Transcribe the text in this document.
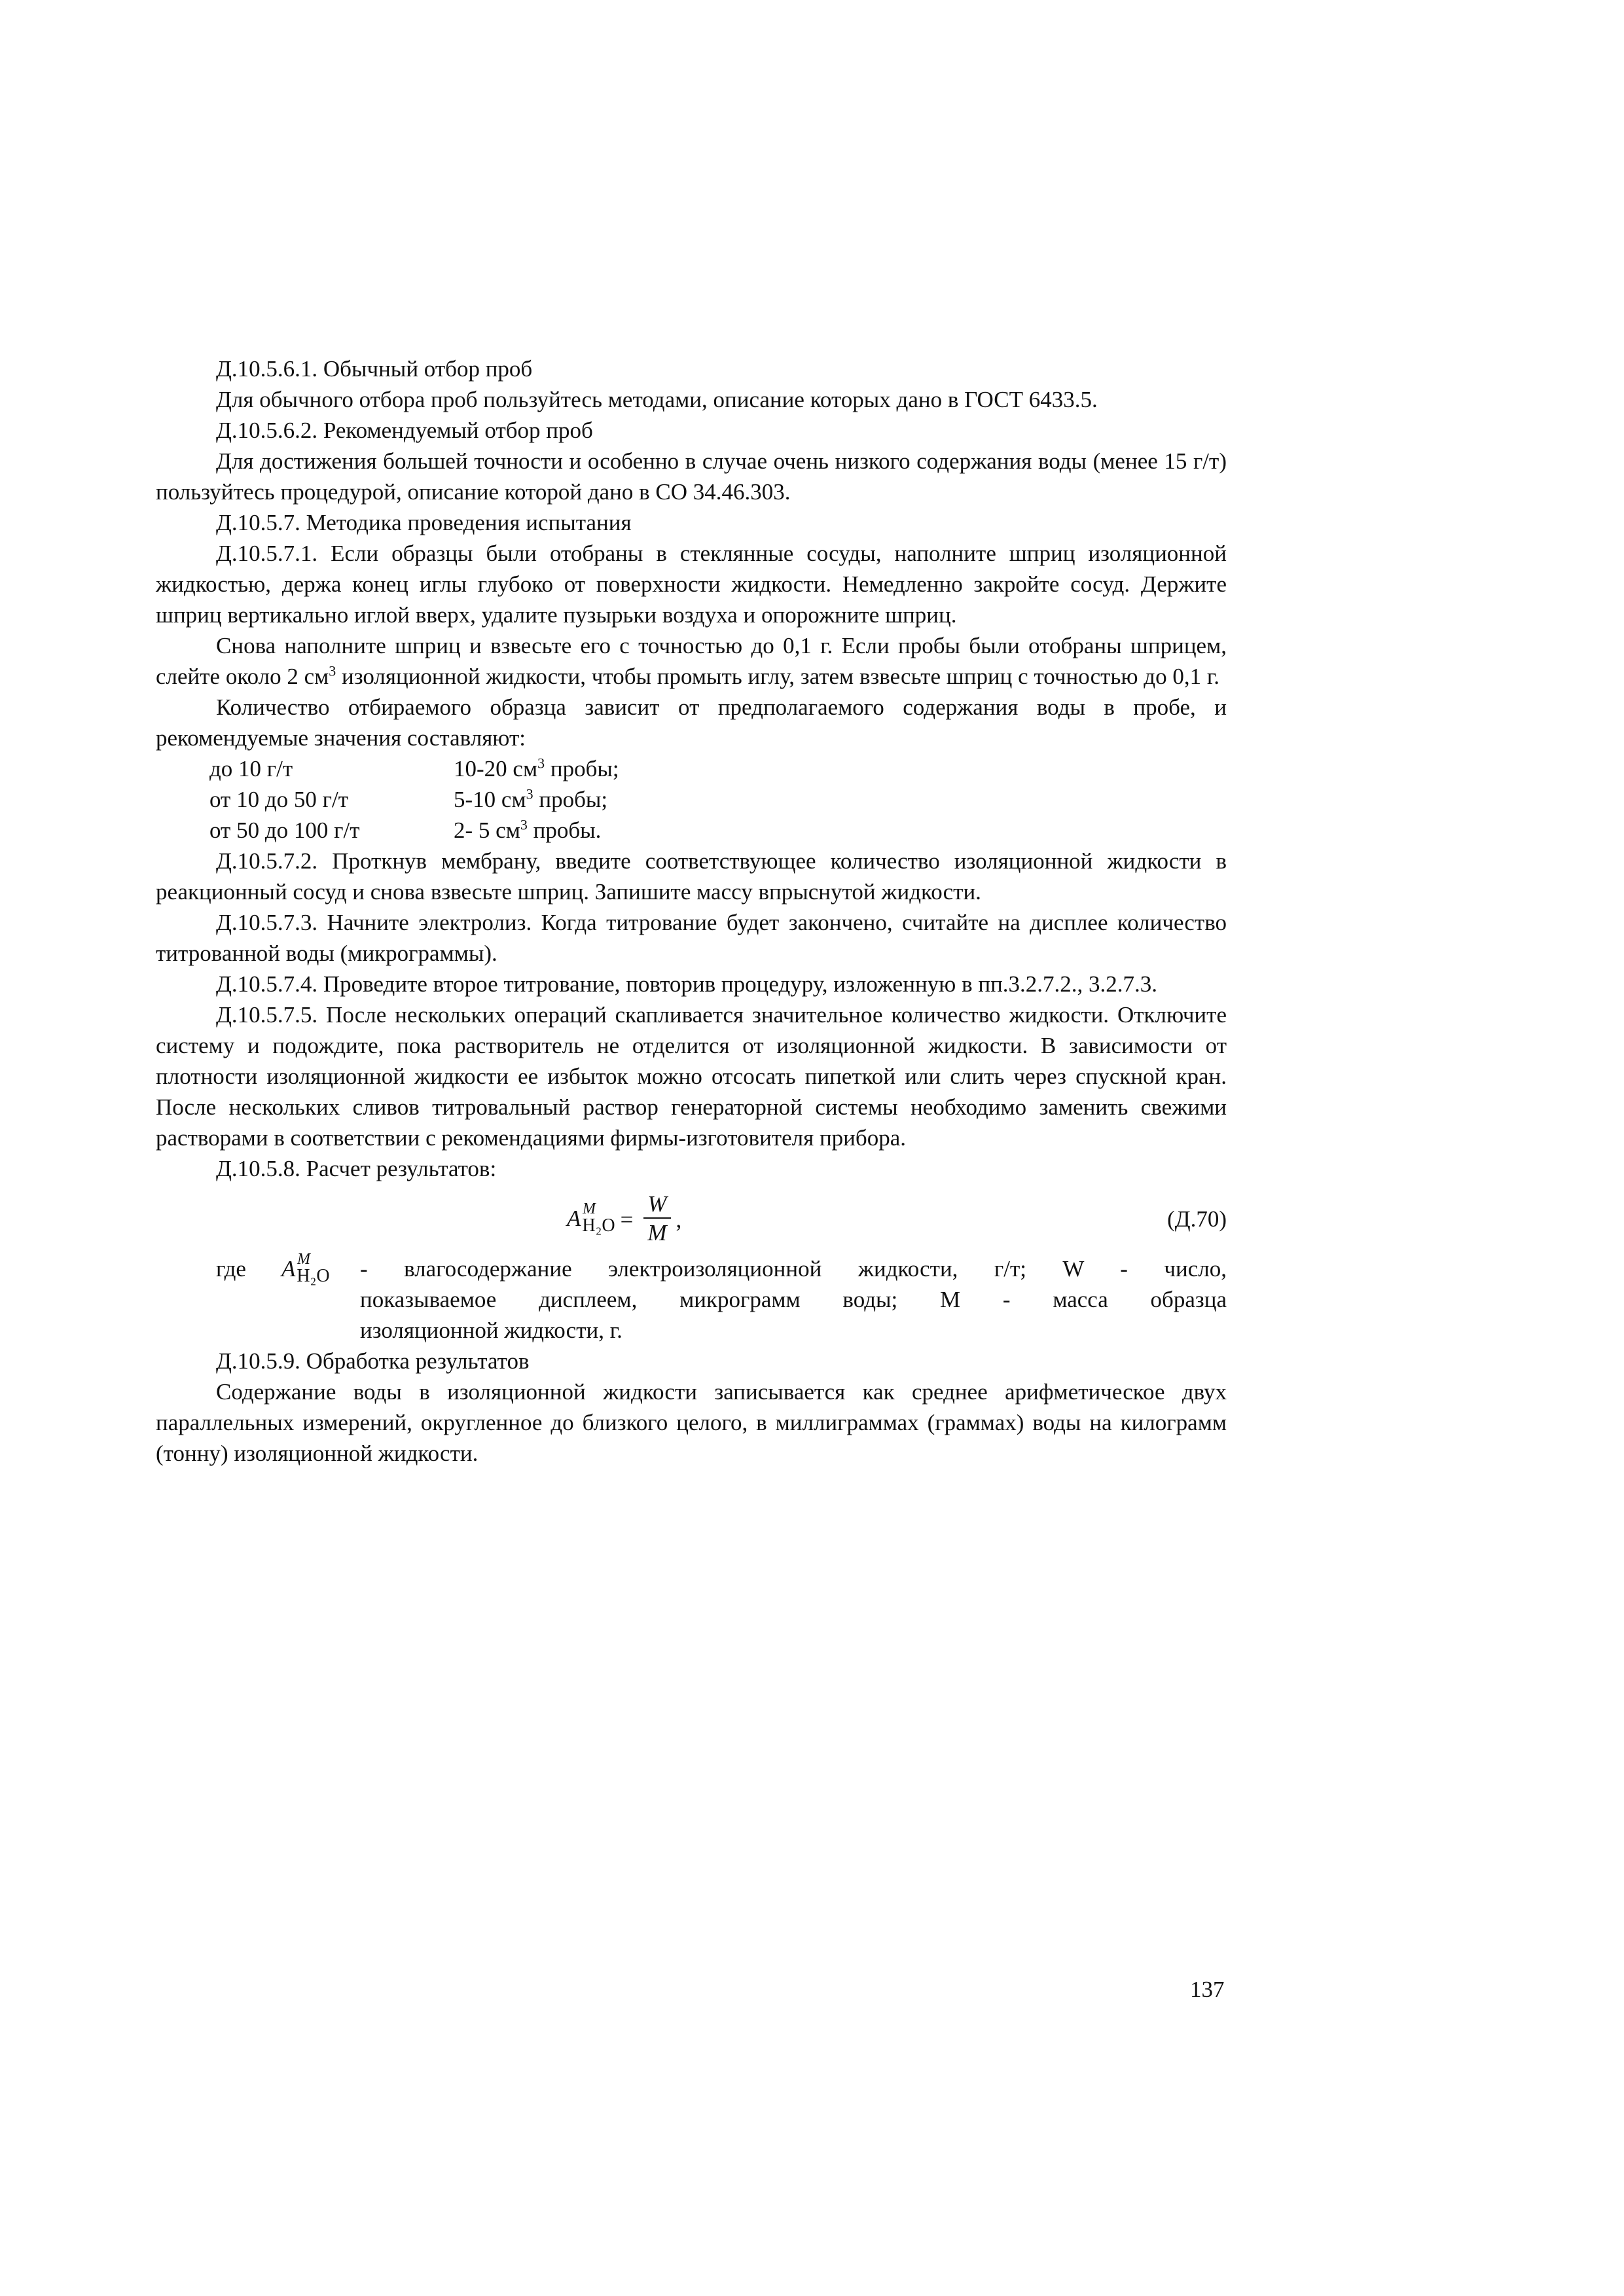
Д.10.5.6.1. Обычный отбор проб

Для обычного отбора проб пользуйтесь методами, описание которых дано в ГОСТ 6433.5.

Д.10.5.6.2. Рекомендуемый отбор проб

Для достижения большей точности и особенно в случае очень низкого содержания воды (менее 15 г/т) пользуйтесь процедурой, описание которой дано в СО 34.46.303.

Д.10.5.7. Методика проведения испытания

Д.10.5.7.1. Если образцы были отобраны в стеклянные сосуды, наполните шприц изоляционной жидкостью, держа конец иглы глубоко от поверхности жидкости. Немедленно закройте сосуд. Держите шприц вертикально иглой вверх, удалите пузырьки воздуха и опорожните шприц.

Снова наполните шприц и взвесьте его с точностью до 0,1 г. Если пробы были отобраны шприцем, слейте около 2 $см^3$ изоляционной жидкости, чтобы промыть иглу, затем взвесьте шприц с точностью до 0,1 г.

Количество отбираемого образца зависит от предполагаемого содержания воды в пробе, и рекомендуемые значения составляют:

до 10 г/т	10-20 $см^3$ пробы;
от 10 до 50 г/т	5-10 $см^3$ пробы;
от 50 до 100 г/т	2- 5 $см^3$ пробы.

Д.10.5.7.2. Проткнув мембрану, введите соответствующее количество изоляционной жидкости в реакционный сосуд и снова взвесьте шприц. Запишите массу впрыснутой жидкости.

Д.10.5.7.3. Начните электролиз. Когда титрование будет закончено, считайте на дисплее количество титрованной воды (микрограммы).

Д.10.5.7.4. Проведите второе титрование, повторив процедуру, изложенную в пп.3.2.7.2., 3.2.7.3.

Д.10.5.7.5. После нескольких операций скапливается значительное количество жидкости. Отключите систему и подождите, пока растворитель не отделится от изоляционной жидкости. В зависимости от плотности изоляционной жидкости ее избыток можно отсосать пипеткой или слить через спускной кран. После нескольких сливов титровальный раствор генераторной системы необходимо заменить свежими растворами в соответствии с рекомендациями фирмы-изготовителя прибора.

Д.10.5.8. Расчет результатов:

A M
$_{H_2O} = \frac{W}{M}$ ,	(Д.70)
где	A M
$_{H_2O}$	- влагосодержание электроизоляционной жидкости, г/т; W - число,
показываемое дисплеем, микрограмм воды; M - масса образца
изоляционной жидкости, г.

Д.10.5.9. Обработка результатов

Содержание воды в изоляционной жидкости записывается как среднее арифметическое двух параллельных измерений, округленное до близкого целого, в миллиграммах (граммах) воды на килограмм (тонну) изоляционной жидкости.

137
